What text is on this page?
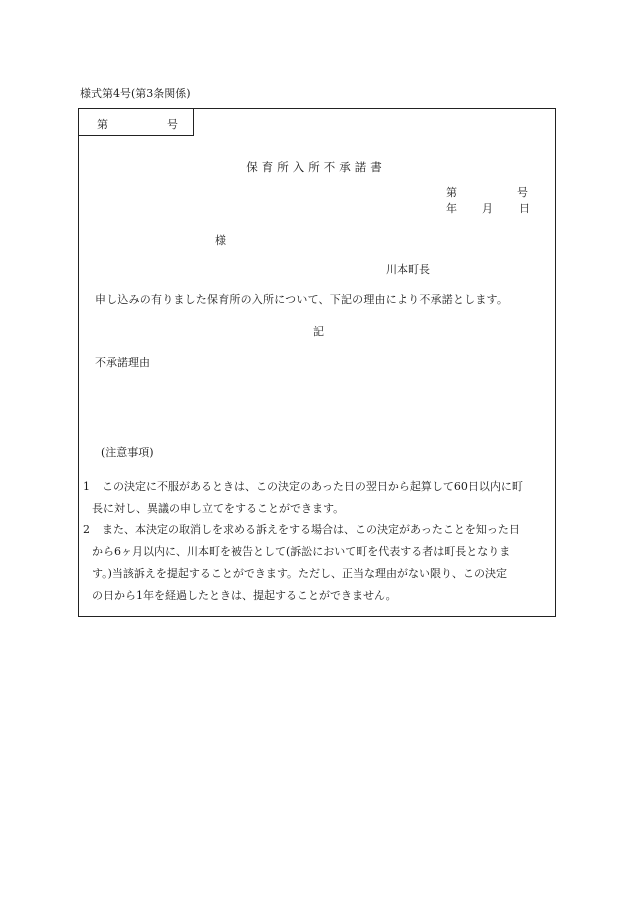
様式第4号(第3条関係)
第	号
保育所入所不承諾書
第	号
年 月 日
様
川本町長
申し込みの有りました保育所の入所について、下記の理由により不承諾とします。
記
不承諾理由
(注意事項)
1	この決定に不服があるときは、この決定のあった日の翌日から起算して60日以内に町
長に対し、異議の申し立てをすることができます。
2	また、本決定の取消しを求める訴えをする場合は、この決定があったことを知った日
から6ヶ月以内に、川本町を被告として(訴訟において町を代表する者は町長となりま
す。)当該訴えを提起することができます。ただし、正当な理由がない限り、この決定
の日から1年を経過したときは、提起することができません。
